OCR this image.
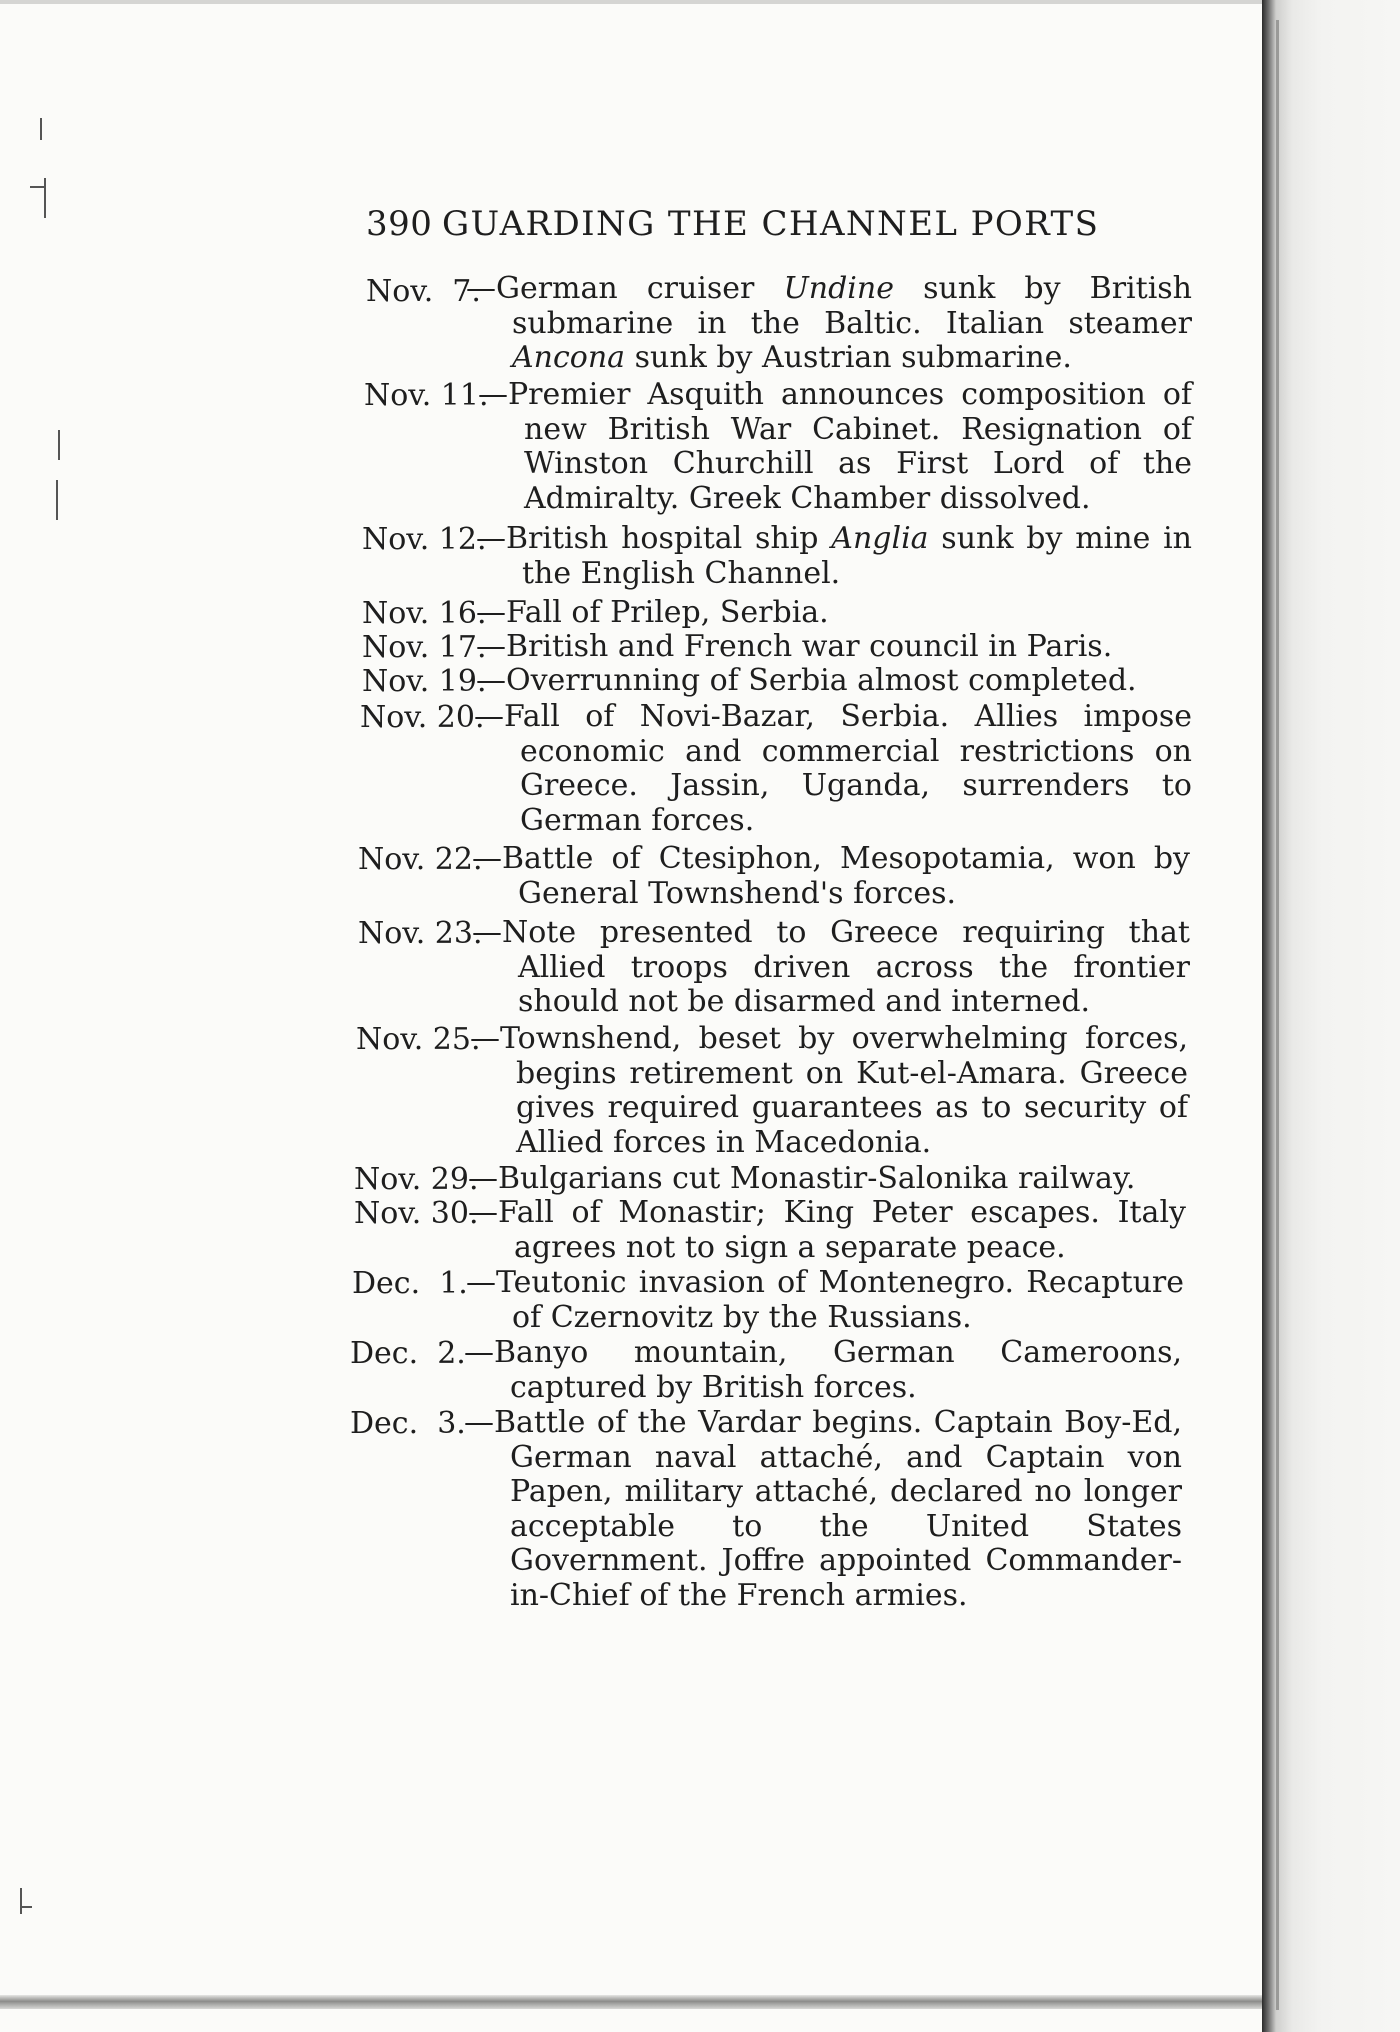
390 GUARDING THE CHANNEL PORTS
Nov.  7.
—German cruiser Undine sunk by British submarine in the Baltic. Italian steamer Ancona sunk by Austrian submarine.
Nov. 11.
—Premier Asquith announces composition of new British War Cabinet. Resignation of Winston Churchill as First Lord of the Admiralty. Greek Chamber dissolved.
Nov. 12.
—British hospital ship Anglia sunk by mine in the English Channel.
Nov. 16.
—Fall of Prilep, Serbia.
Nov. 17.
—British and French war council in Paris.
Nov. 19.
—Overrunning of Serbia almost completed.
Nov. 20.
—Fall of Novi-Bazar, Serbia. Allies impose economic and commercial restrictions on Greece. Jassin, Uganda, surrenders to German forces.
Nov. 22.
—Battle of Ctesiphon, Mesopotamia, won by General Townshend's forces.
Nov. 23.
—Note presented to Greece requiring that Allied troops driven across the frontier should not be disarmed and interned.
Nov. 25.
—Townshend, beset by overwhelming forces, begins retirement on Kut-el-Amara. Greece gives required guarantees as to security of Allied forces in Macedonia.
Nov. 29.
—Bulgarians cut Monastir-Salonika railway.
Nov. 30.
—Fall of Monastir; King Peter escapes. Italy agrees not to sign a separate peace.
Dec.  1.
—Teutonic invasion of Montenegro. Recapture of Czernovitz by the Russians.
Dec.  2.
—Banyo mountain, German Cameroons, captured by British forces.
Dec.  3.
—Battle of the Vardar begins. Captain Boy-Ed, German naval attaché, and Captain von Papen, military attaché, declared no longer acceptable to the United States Government. Joffre appointed Commander-in-Chief of the French armies.
